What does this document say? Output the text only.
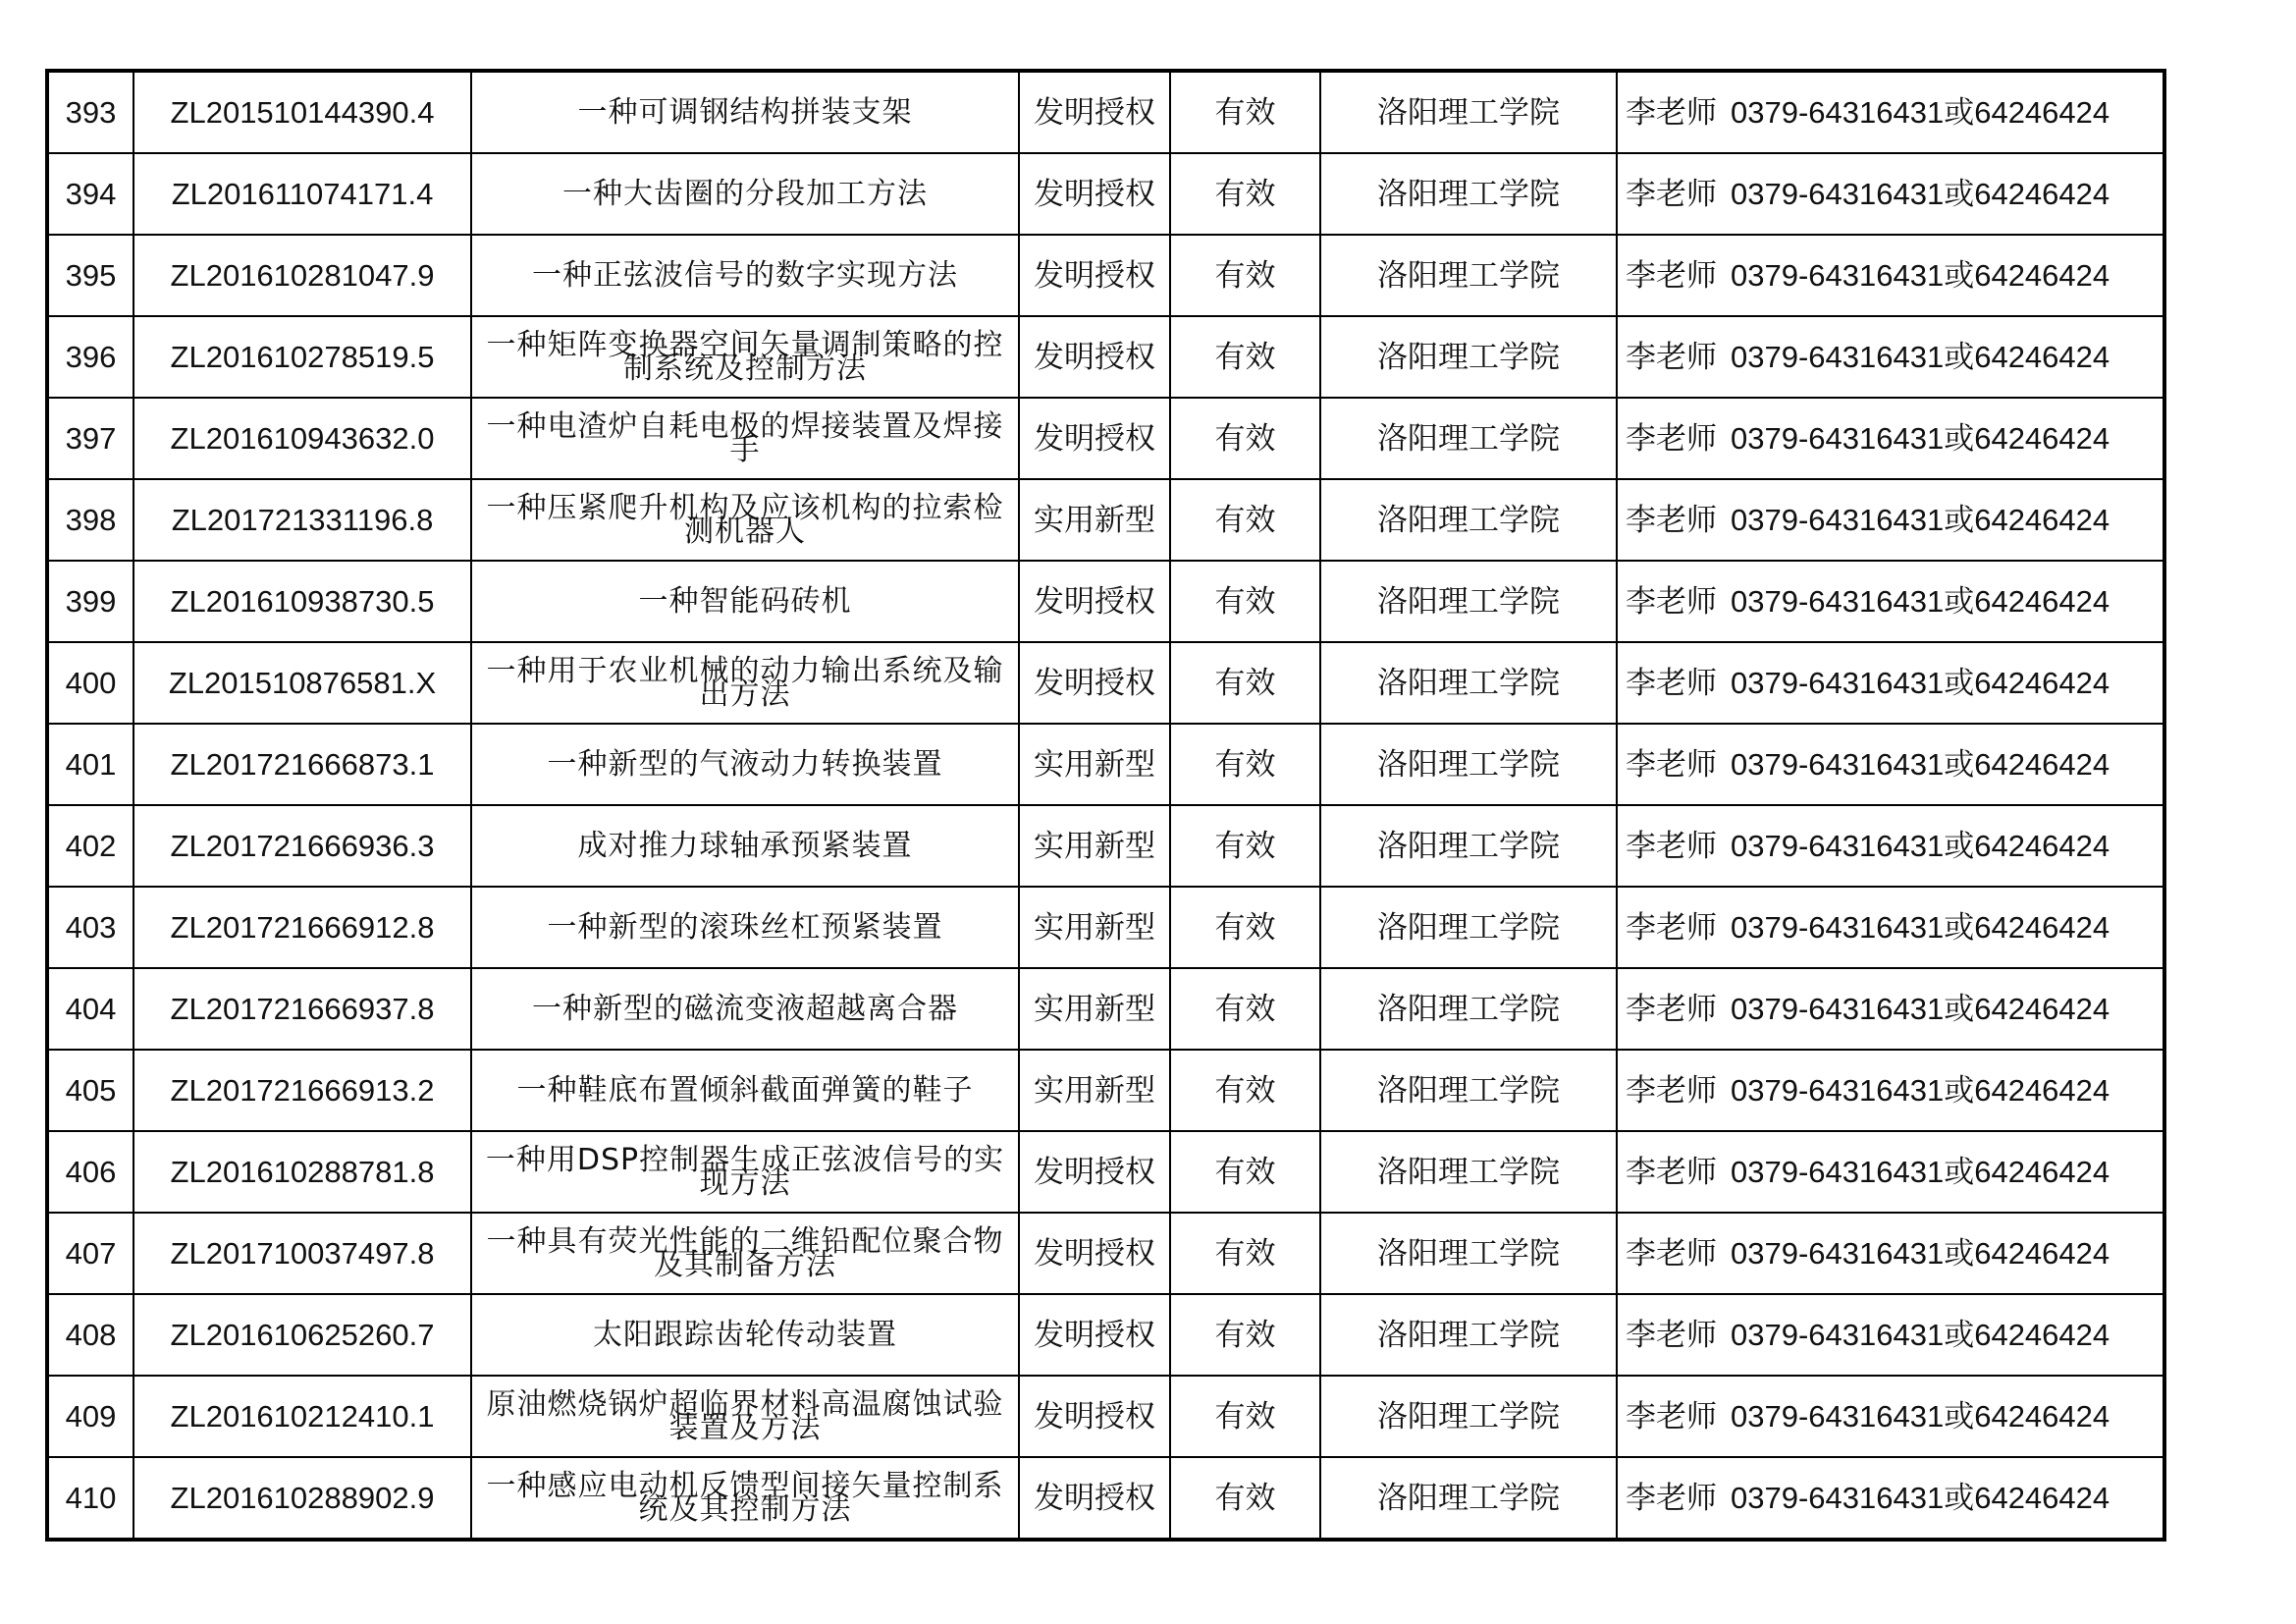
393	ZL201510144390.4	一种可调钢结构拼装支架	发明授权	有效	洛阳理工学院	李老师 0379-64316431或64246424
394	ZL201611074171.4	一种大齿圈的分段加工方法	发明授权	有效	洛阳理工学院	李老师 0379-64316431或64246424
395	ZL201610281047.9	一种正弦波信号的数字实现方法	发明授权	有效	洛阳理工学院	李老师 0379-64316431或64246424
396	ZL201610278519.5	一种矩阵变换器空间矢量调制策略的控制系统及控制方法	发明授权	有效	洛阳理工学院	李老师 0379-64316431或64246424
397	ZL201610943632.0	一种电渣炉自耗电极的焊接装置及焊接手	发明授权	有效	洛阳理工学院	李老师 0379-64316431或64246424
398	ZL201721331196.8	一种压紧爬升机构及应该机构的拉索检测机器人	实用新型	有效	洛阳理工学院	李老师 0379-64316431或64246424
399	ZL201610938730.5	一种智能码砖机	发明授权	有效	洛阳理工学院	李老师 0379-64316431或64246424
400	ZL201510876581.X	一种用于农业机械的动力输出系统及输出方法	发明授权	有效	洛阳理工学院	李老师 0379-64316431或64246424
401	ZL201721666873.1	一种新型的气液动力转换装置	实用新型	有效	洛阳理工学院	李老师 0379-64316431或64246424
402	ZL201721666936.3	成对推力球轴承预紧装置	实用新型	有效	洛阳理工学院	李老师 0379-64316431或64246424
403	ZL201721666912.8	一种新型的滚珠丝杠预紧装置	实用新型	有效	洛阳理工学院	李老师 0379-64316431或64246424
404	ZL201721666937.8	一种新型的磁流变液超越离合器	实用新型	有效	洛阳理工学院	李老师 0379-64316431或64246424
405	ZL201721666913.2	一种鞋底布置倾斜截面弹簧的鞋子	实用新型	有效	洛阳理工学院	李老师 0379-64316431或64246424
406	ZL201610288781.8	一种用DSP控制器生成正弦波信号的实现方法	发明授权	有效	洛阳理工学院	李老师 0379-64316431或64246424
407	ZL201710037497.8	一种具有荧光性能的二维铅配位聚合物及其制备方法	发明授权	有效	洛阳理工学院	李老师 0379-64316431或64246424
408	ZL201610625260.7	太阳跟踪齿轮传动装置	发明授权	有效	洛阳理工学院	李老师 0379-64316431或64246424
409	ZL201610212410.1	原油燃烧锅炉超临界材料高温腐蚀试验装置及方法	发明授权	有效	洛阳理工学院	李老师 0379-64316431或64246424
410	ZL201610288902.9	一种感应电动机反馈型间接矢量控制系统及其控制方法	发明授权	有效	洛阳理工学院	李老师 0379-64316431或64246424
